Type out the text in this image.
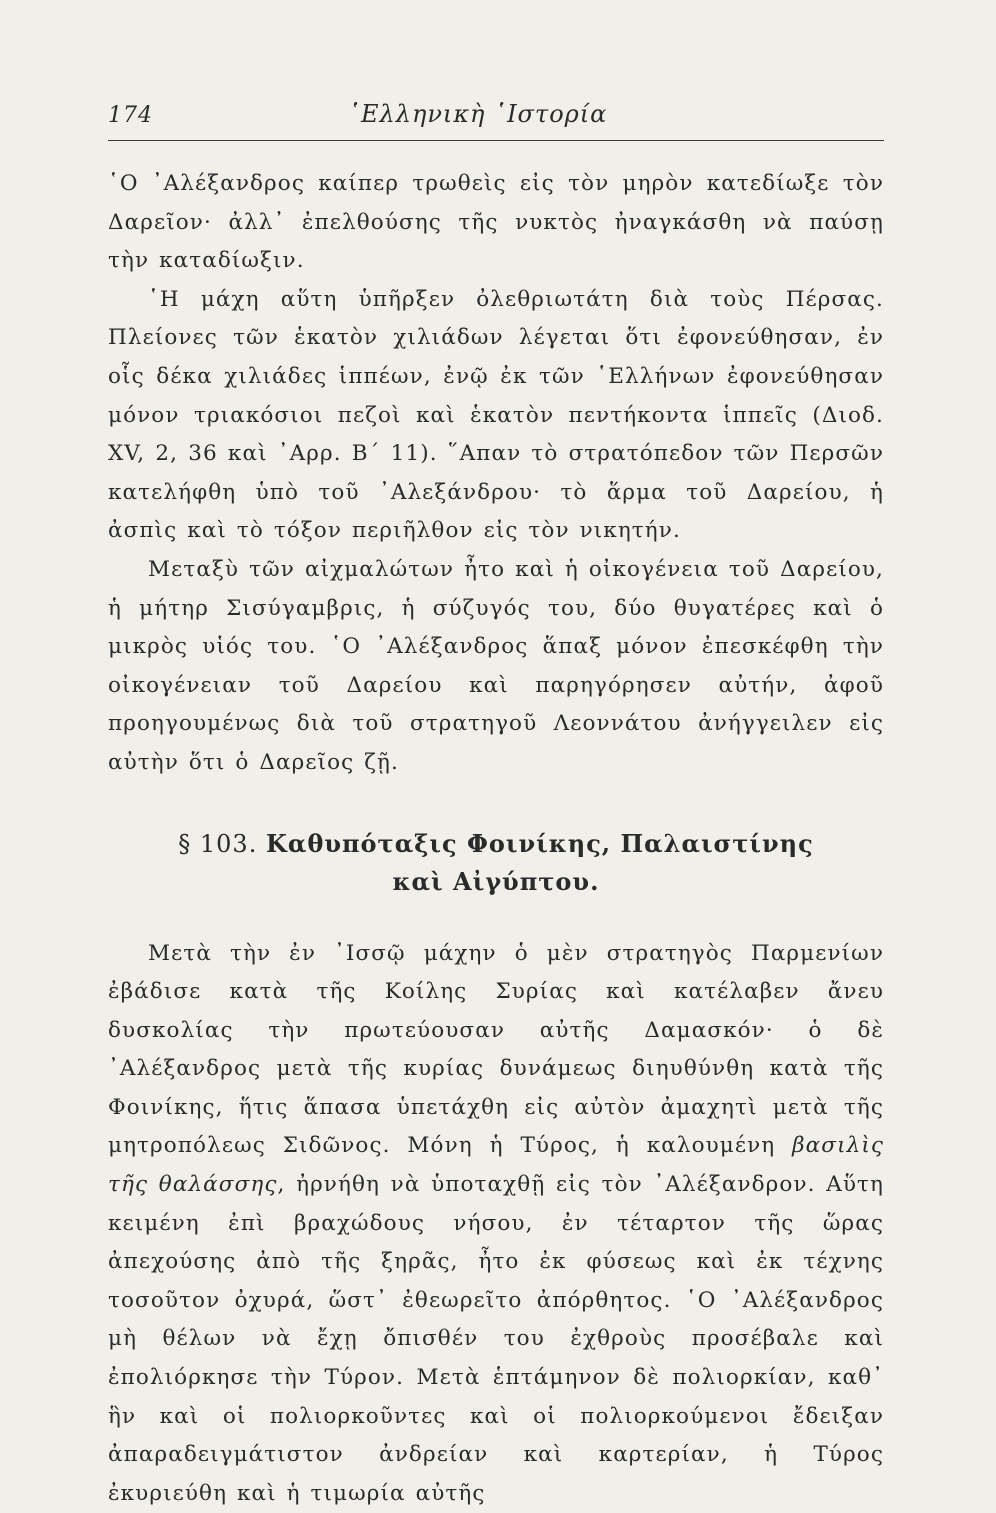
174	῾Ελληνικὴ ῾Ιστορία

῾Ο ᾿Αλέξανδρος καίπερ τρωθεὶς εἰς τὸν μηρὸν κατεδίωξε τὸν Δαρεῖον· ἀλλ᾿ ἐπελθούσης τῆς νυκτὸς ἠναγκάσθη νὰ παύσῃ τὴν καταδίωξιν.

῾Η μάχη αὕτη ὑπῆρξεν ὀλεθριωτάτη διὰ τοὺς Πέρσας. Πλείονες τῶν ἑκατὸν χιλιάδων λέγεται ὅτι ἐφονεύθησαν, ἐν οἷς δέκα χιλιάδες ἱππέων, ἐνῷ ἐκ τῶν ῾Ελλήνων ἐφονεύθησαν μόνον τριακόσιοι πεζοὶ καὶ ἑκατὸν πεντήκοντα ἱππεῖς (Διοδ. XV, 2, 36 καὶ ᾿Αρρ. Β΄ 11). ῞Απαν τὸ στρατόπεδον τῶν Περσῶν κατελήφθη ὑπὸ τοῦ ᾿Αλεξάνδρου· τὸ ἅρμα τοῦ Δαρείου, ἡ ἀσπὶς καὶ τὸ τόξον περιῆλθον εἰς τὸν νικητήν.

Μεταξὺ τῶν αἰχμαλώτων ἦτο καὶ ἡ οἰκογένεια τοῦ Δαρείου, ἡ μήτηρ Σισύγαμβρις, ἡ σύζυγός του, δύο θυγατέρες καὶ ὁ μικρὸς υἱός του. ῾Ο ᾿Αλέξανδρος ἅπαξ μόνον ἐπεσκέφθη τὴν οἰκογένειαν τοῦ Δαρείου καὶ παρηγόρησεν αὐτήν, ἀφοῦ προηγουμένως διὰ τοῦ στρατηγοῦ Λεοννάτου ἀνήγγειλεν εἰς αὐτὴν ὅτι ὁ Δαρεῖος ζῇ.

§ 103. Καθυπόταξις Φοινίκης, Παλαιστίνης
καὶ Αἰγύπτου.

Μετὰ τὴν ἐν ᾿Ισσῷ μάχην ὁ μὲν στρατηγὸς Παρμενίων ἐβάδισε κατὰ τῆς Κοίλης Συρίας καὶ κατέλαβεν ἄνευ δυσκολίας τὴν πρωτεύουσαν αὐτῆς Δαμασκόν· ὁ δὲ ᾿Αλέξανδρος μετὰ τῆς κυρίας δυνάμεως διηυθύνθη κατὰ τῆς Φοινίκης, ἥτις ἅπασα ὑπετάχθη εἰς αὐτὸν ἀμαχητὶ μετὰ τῆς μητροπόλεως Σιδῶνος. Μόνη ἡ Τύρος, ἡ καλουμένη βασιλὶς τῆς θαλάσσης, ἠρνήθη νὰ ὑποταχθῇ εἰς τὸν ᾿Αλέξανδρον. Αὕτη κειμένη ἐπὶ βραχώδους νήσου, ἐν τέταρτον τῆς ὥρας ἀπεχούσης ἀπὸ τῆς ξηρᾶς, ἦτο ἐκ φύσεως καὶ ἐκ τέχνης τοσοῦτον ὀχυρά, ὥστ᾿ ἐθεωρεῖτο ἀπόρθητος. ῾Ο ᾿Αλέξανδρος μὴ θέλων νὰ ἔχῃ ὄπισθέν του ἐχθροὺς προσέβαλε καὶ ἐπολιόρκησε τὴν Τύρον. Μετὰ ἑπτάμηνον δὲ πολιορκίαν, καθ᾿ ἣν καὶ οἱ πολιορκοῦντες καὶ οἱ πολιορκούμενοι ἔδειξαν ἀπαραδειγμάτιστον ἀνδρείαν καὶ καρτερίαν, ἡ Τύρος ἐκυριεύθη καὶ ἡ τιμωρία αὐτῆς
